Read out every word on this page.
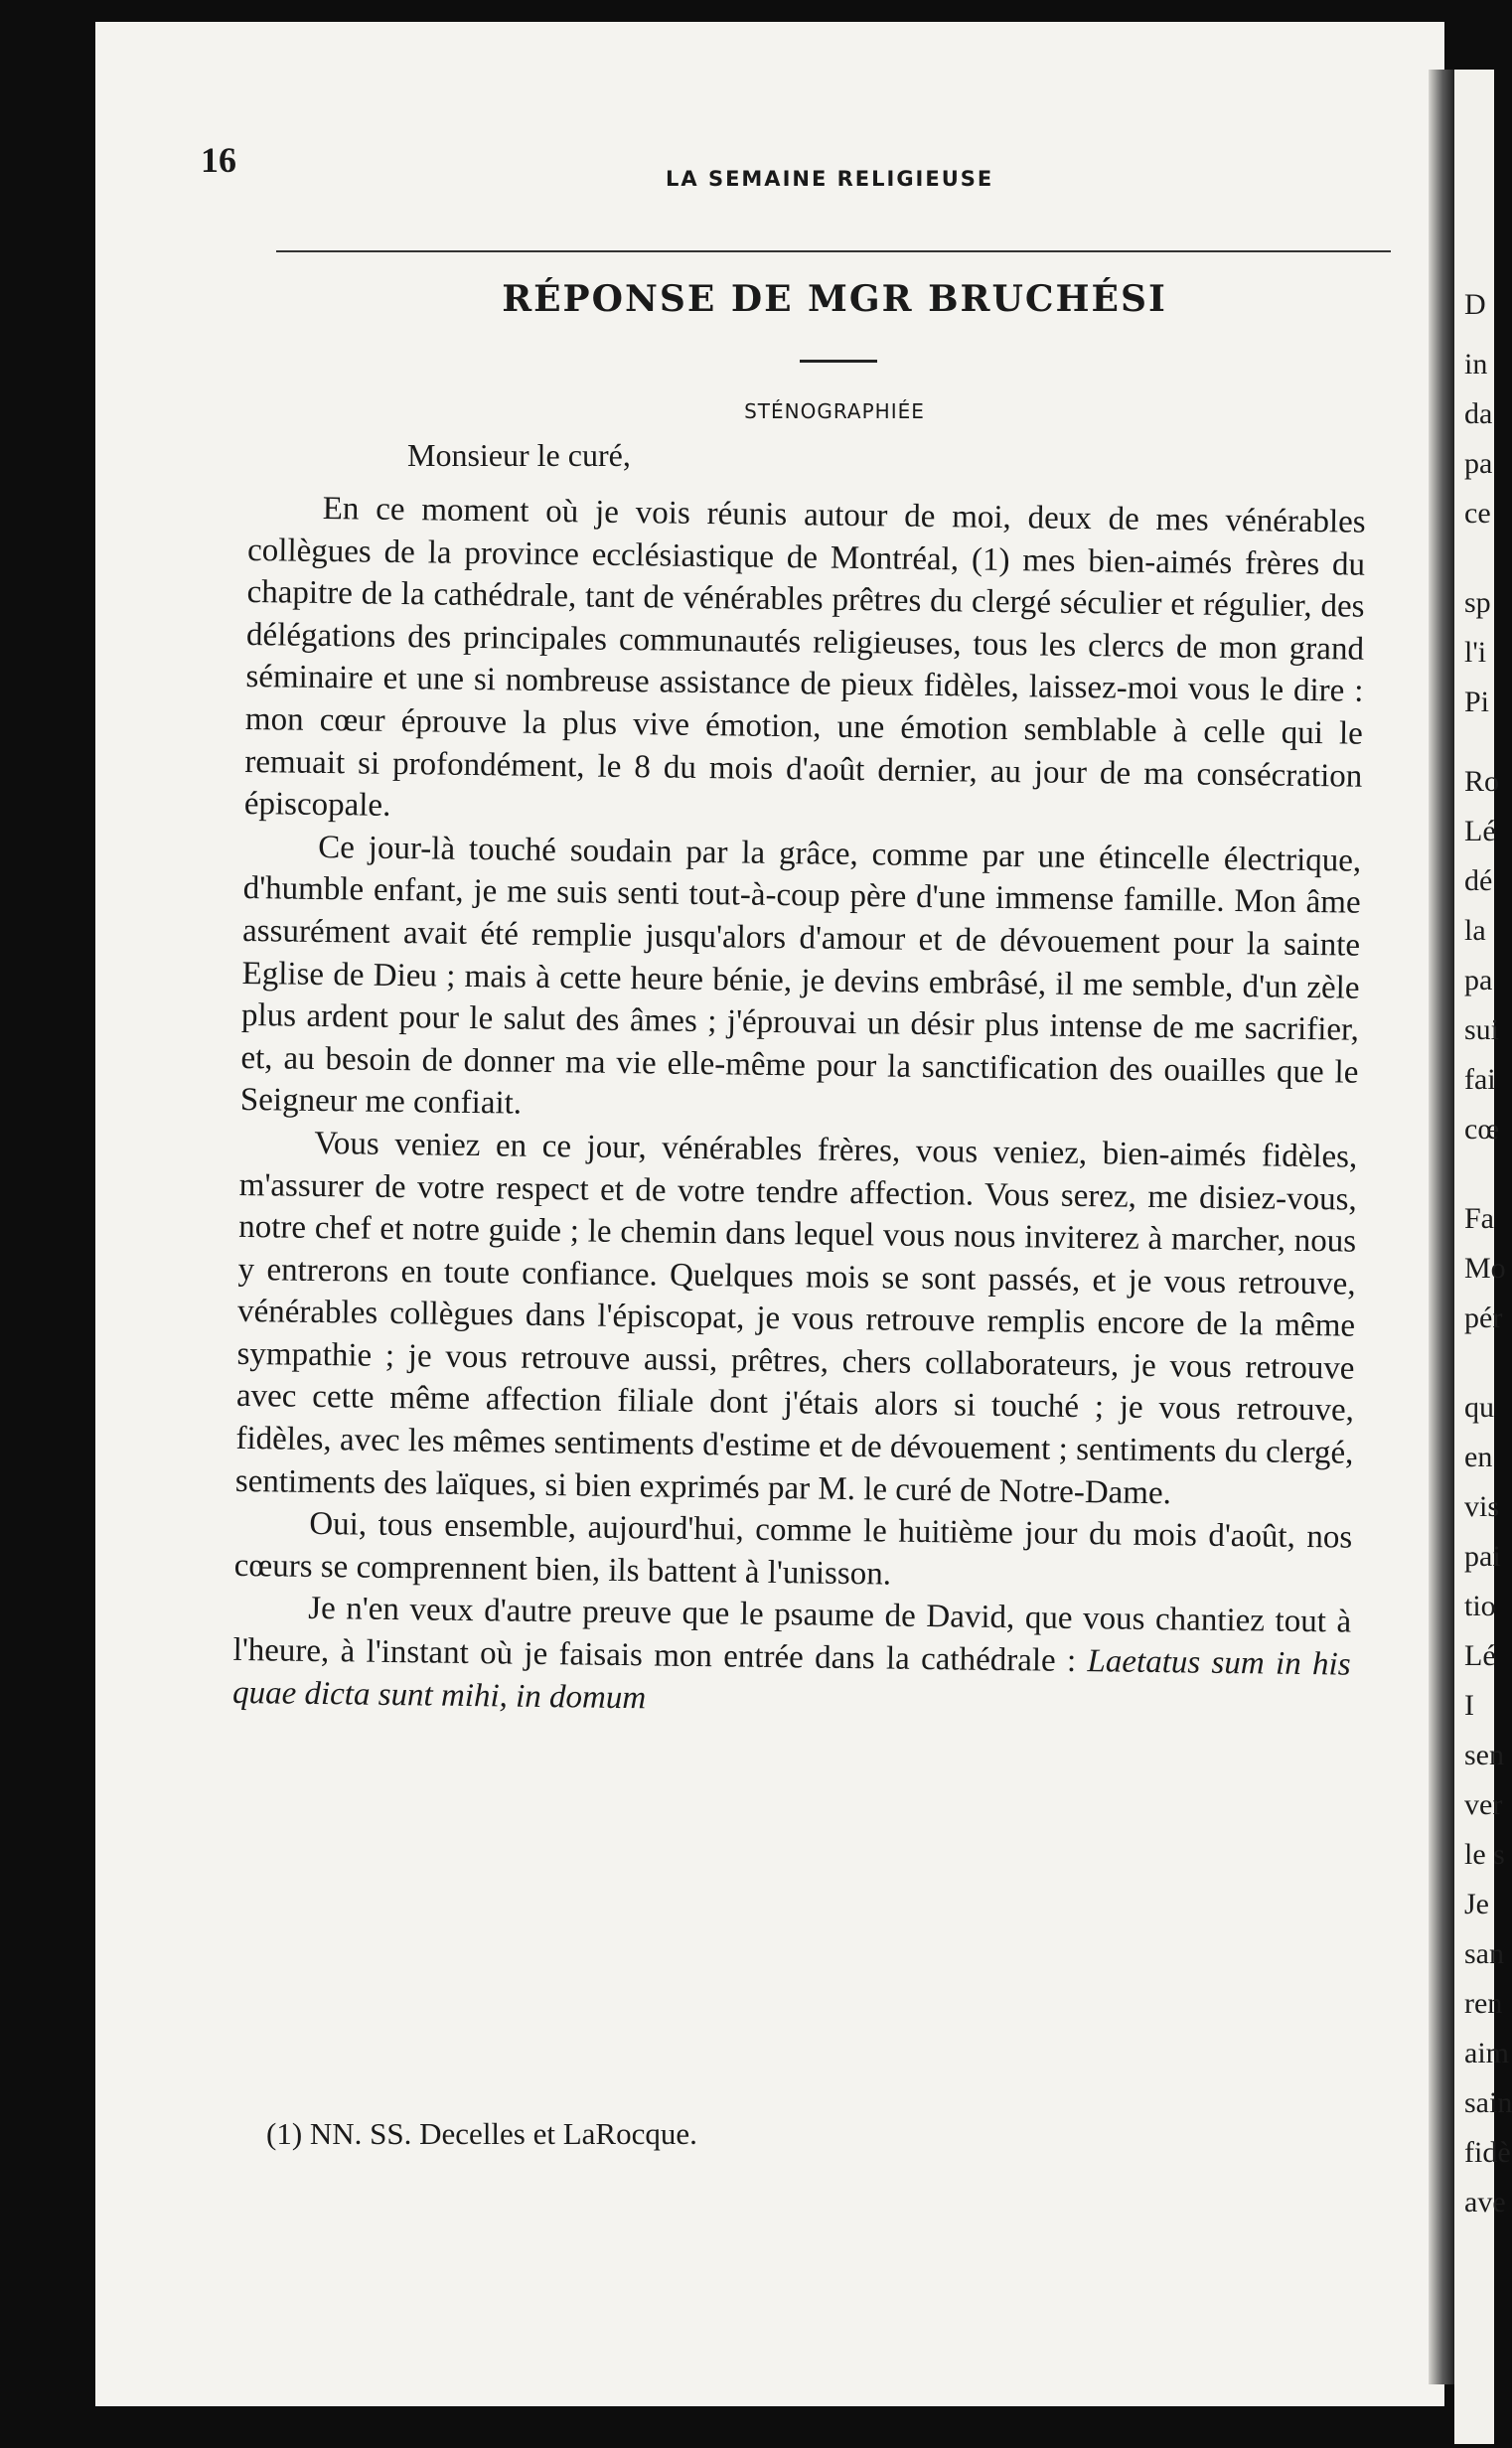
D
in
da
pa
ce
sp
l'i
Pi
Ro
Lé
dé
la
pa
sui
fai
cœ
Fa
Mo
pér
qu
en
vis
pai
tio
Lé
I
sen
ver
le s
Je
san
ren
aim
sain
fidè
ave
16	LA SEMAINE RELIGIEUSE
RÉPONSE DE MGR BRUCHÉSI
STÉNOGRAPHIÉE
Monsieur le curé,

En ce moment où je vois réunis autour de moi, deux de mes vénérables collègues de la province ecclésiastique de Montréal, (1) mes bien-aimés frères du chapitre de la cathédrale, tant de vénérables prêtres du clergé séculier et régulier, des délégations des principales communautés religieuses, tous les clercs de mon grand séminaire et une si nombreuse assistance de pieux fidèles, laissez-moi vous le dire : mon cœur éprouve la plus vive émotion, une émotion semblable à celle qui le remuait si profondément, le 8 du mois d'août dernier, au jour de ma consécration épiscopale.

Ce jour-là touché soudain par la grâce, comme par une étincelle électrique, d'humble enfant, je me suis senti tout-à-coup père d'une immense famille. Mon âme assurément avait été remplie jusqu'alors d'amour et de dévouement pour la sainte Eglise de Dieu ; mais à cette heure bénie, je devins embrâsé, il me semble, d'un zèle plus ardent pour le salut des âmes ; j'éprouvai un désir plus intense de me sacrifier, et, au besoin de donner ma vie elle-même pour la sanctification des ouailles que le Seigneur me confiait.

Vous veniez en ce jour, vénérables frères, vous veniez, bien-aimés fidèles, m'assurer de votre respect et de votre tendre affection. Vous serez, me disiez-vous, notre chef et notre guide ; le chemin dans lequel vous nous inviterez à marcher, nous y entrerons en toute confiance. Quelques mois se sont passés, et je vous retrouve, vénérables collègues dans l'épiscopat, je vous retrouve remplis encore de la même sympathie ; je vous retrouve aussi, prêtres, chers collaborateurs, je vous retrouve avec cette même affection filiale dont j'étais alors si touché ; je vous retrouve, fidèles, avec les mêmes sentiments d'estime et de dévouement ; sentiments du clergé, sentiments des laïques, si bien exprimés par M. le curé de Notre-Dame.

Oui, tous ensemble, aujourd'hui, comme le huitième jour du mois d'août, nos cœurs se comprennent bien, ils battent à l'unisson.

Je n'en veux d'autre preuve que le psaume de David, que vous chantiez tout à l'heure, à l'instant où je faisais mon entrée dans la cathédrale : Laetatus sum in his quae dicta sunt mihi, in domum

(1) NN. SS. Decelles et LaRocque.
